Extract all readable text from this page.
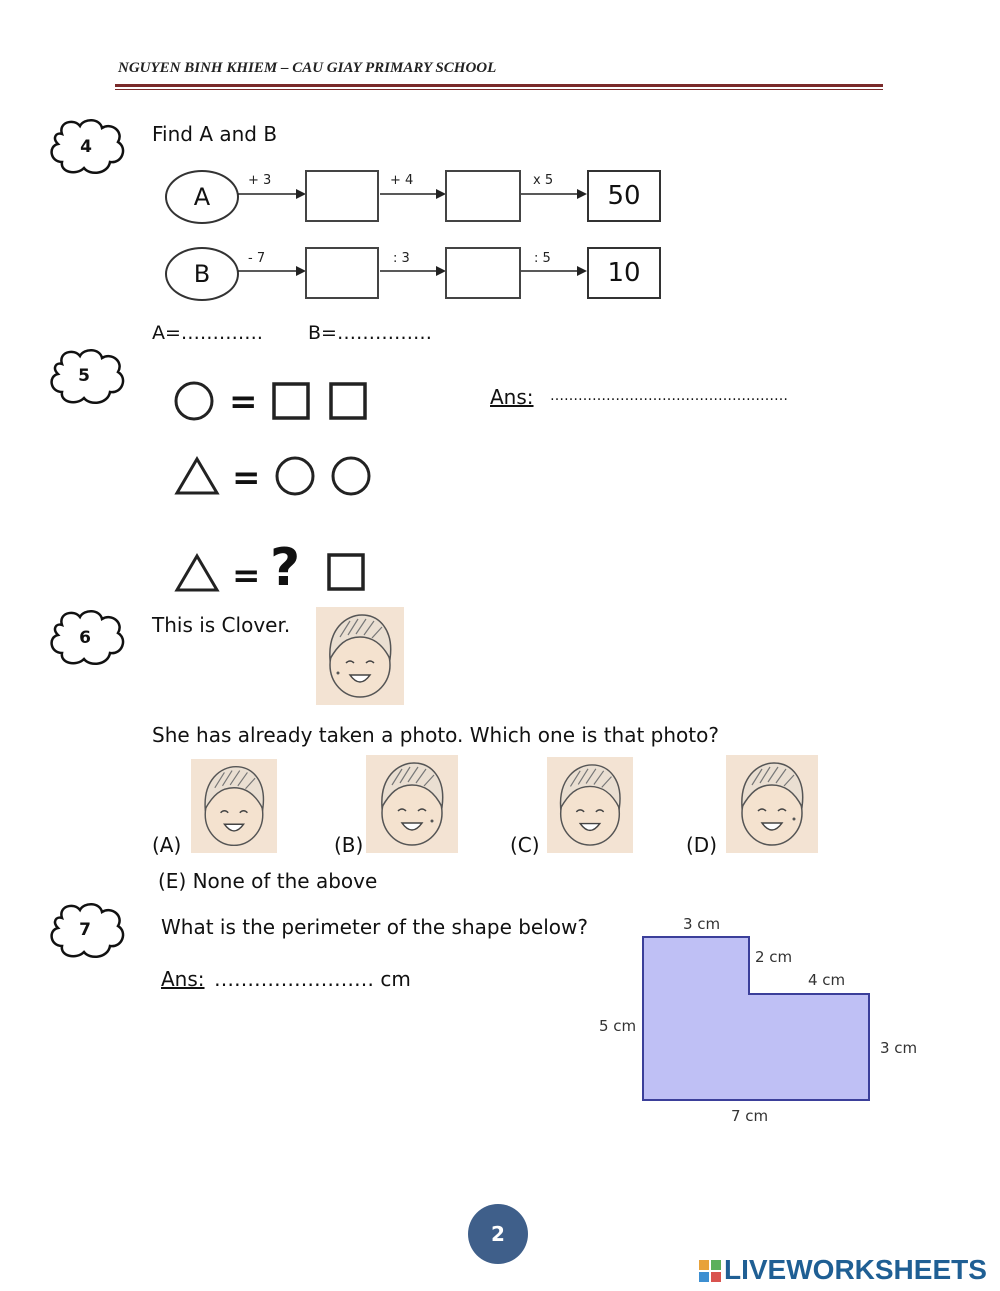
NGUYEN BINH KHIEM – CAU GIAY PRIMARY SCHOOL
4
Find A and B
A
+ 3	+ 4	x 5
50
B
- 7	: 3	: 5 10
A=…………. B=……………
5
=
=
= ?
Ans: ……………………………………………
6
This is Clover.
She has already taken a photo. Which one is that photo?
(A)	(B)	(C)	(D)
(E) None of the above
7	What is the perimeter of the shape below?
Ans: …………………… cm
3 cm
2 cm
4 cm
5 cm
3 cm
7 cm
2
LIVEWORKSHEETS
